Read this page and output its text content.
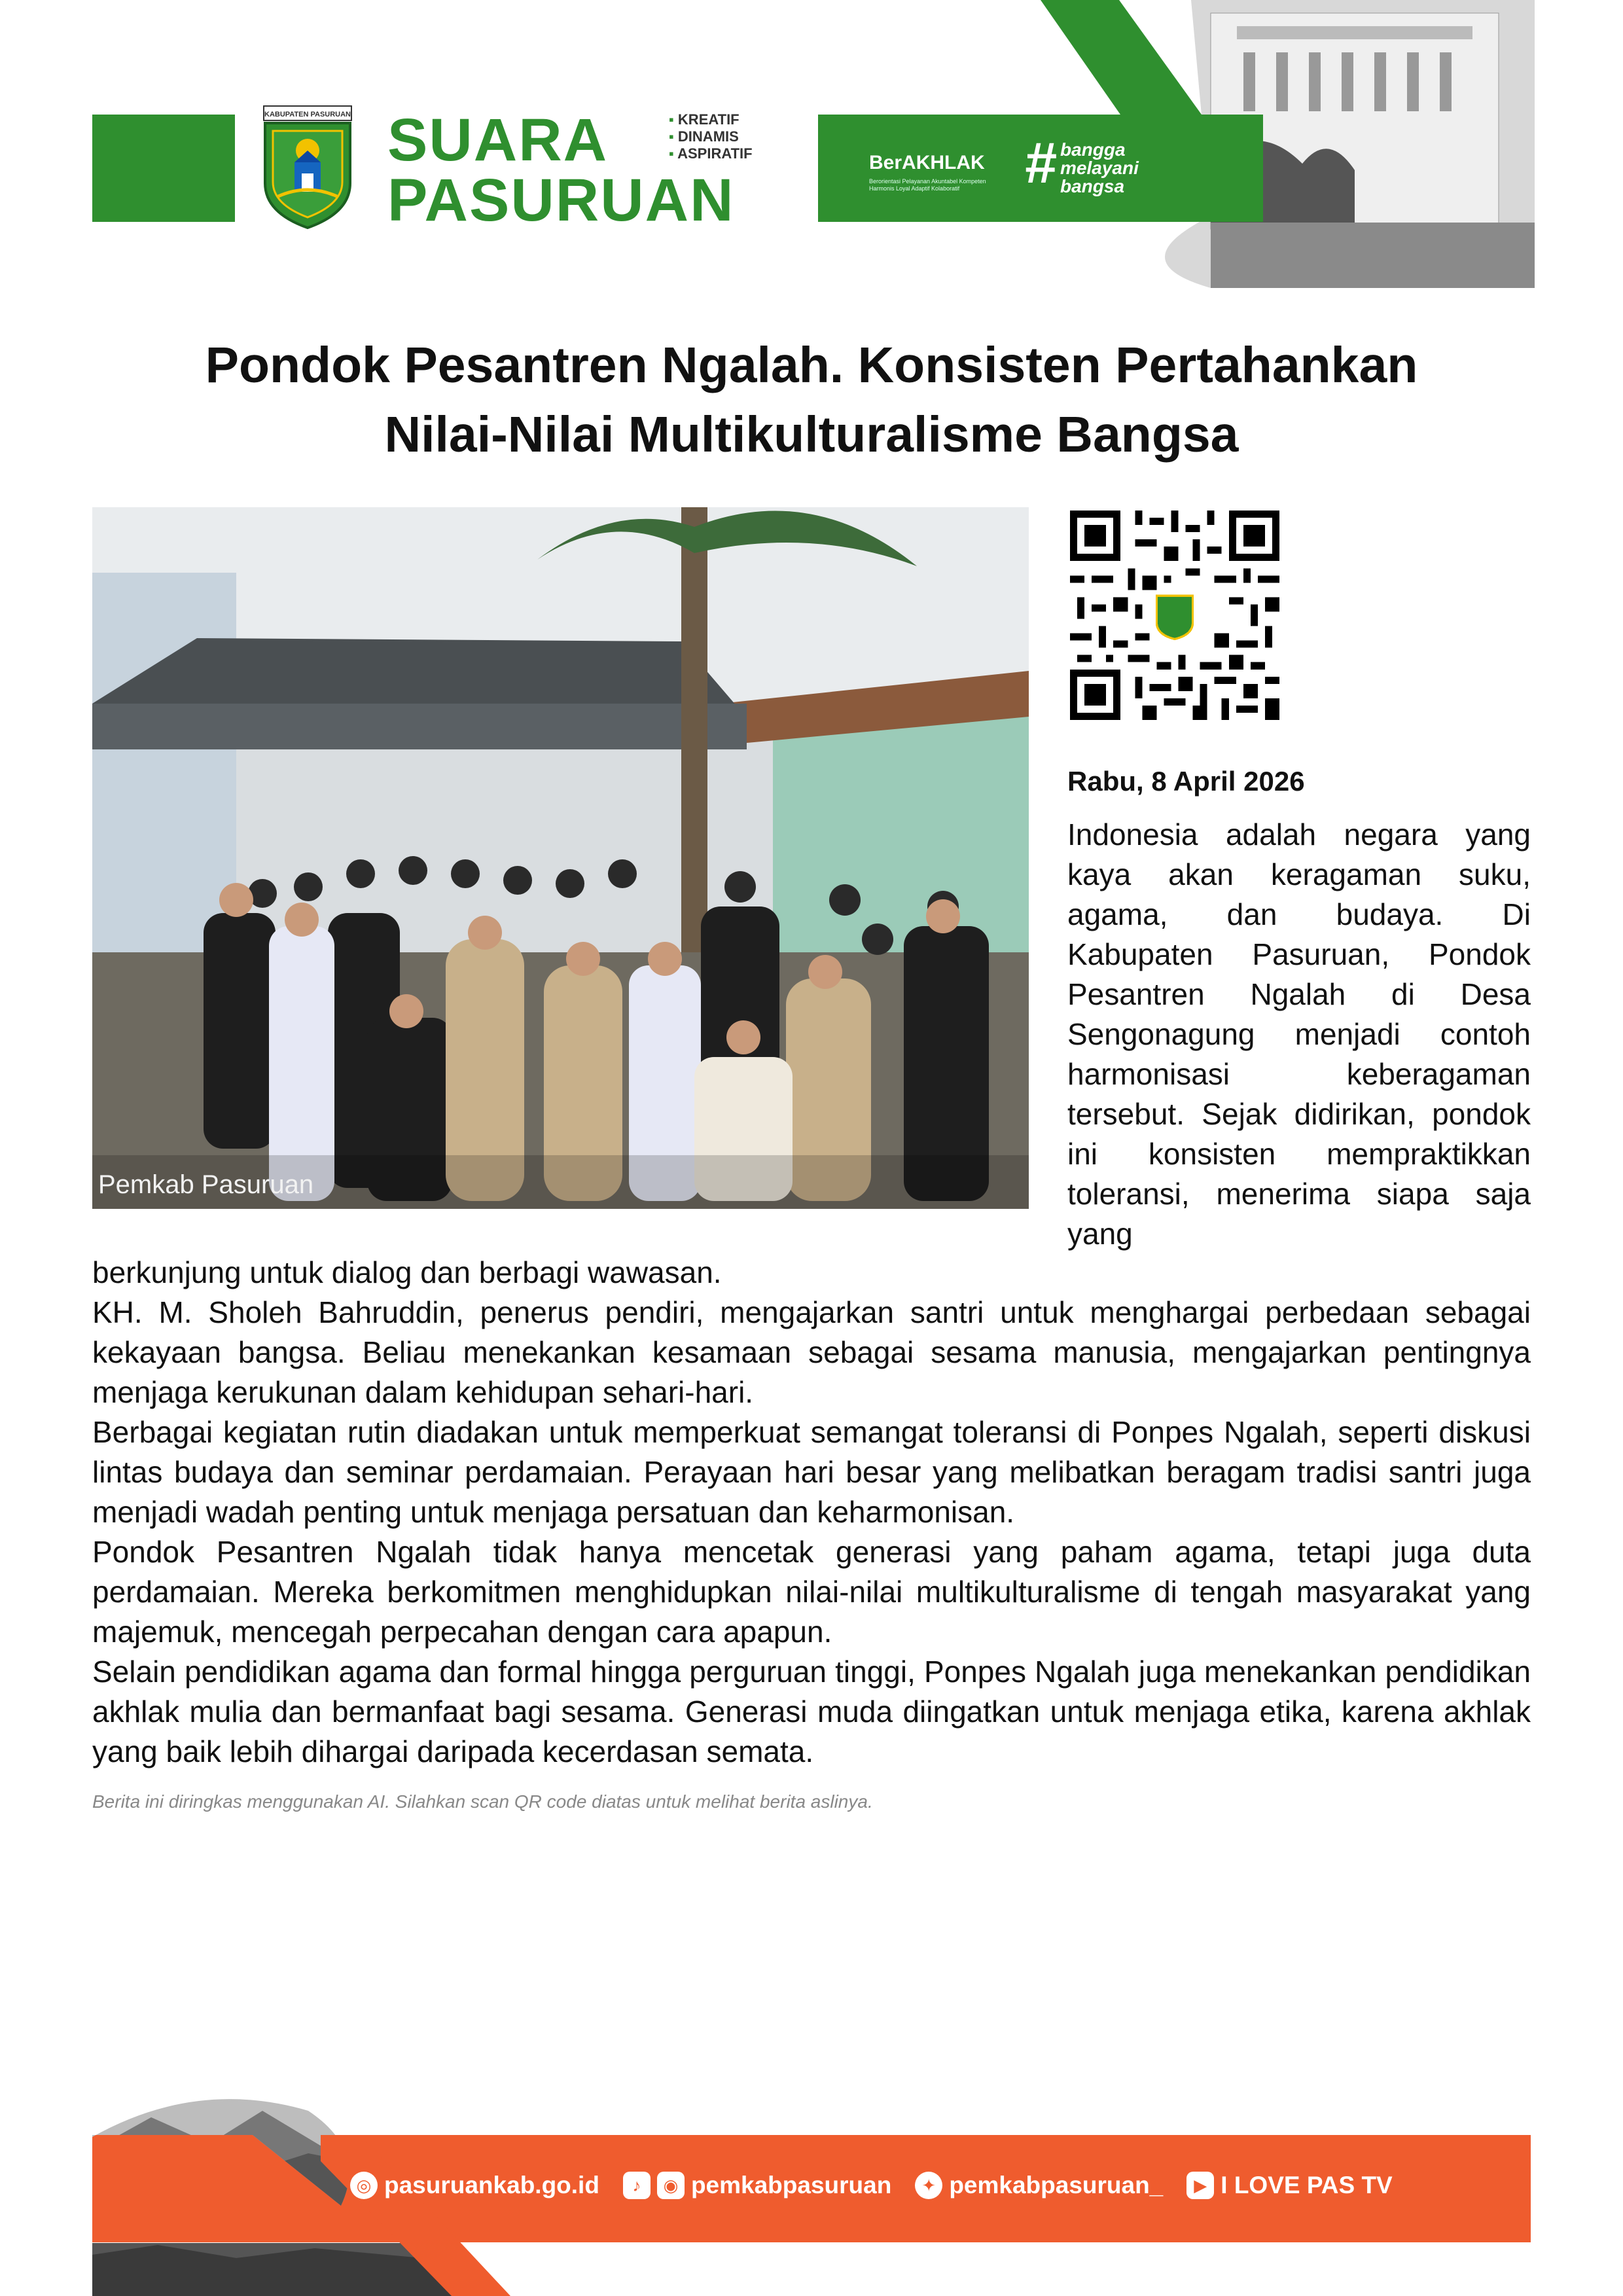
KABUPATEN PASURUAN SUARA
PASURUAN
▪ KREATIF
▪ DINAMIS
▪ ASPIRATIF	BerAKHLAK
Berorientasi Pelayanan Akuntabel Kompeten Harmonis Loyal Adaptif Kolaboratif	# bangga
melayani
bangsa
Pondok Pesantren Ngalah. Konsisten Pertahankan
Nilai-Nilai Multikulturalisme Bangsa
Pemkab Pasuruan
Rabu, 8 April 2026
Indonesia adalah negara yang kaya akan keragaman suku, agama, dan budaya. Di Kabupaten Pasuruan, Pondok Pesantren Ngalah di Desa Sengonagung menjadi contoh harmonisasi keberagaman tersebut. Sejak didirikan, pondok ini konsisten mempraktikkan toleransi, menerima siapa saja yang

berkunjung untuk dialog dan berbagi wawasan.

KH. M. Sholeh Bahruddin, penerus pendiri, mengajarkan santri untuk menghargai perbedaan sebagai kekayaan bangsa. Beliau menekankan kesamaan sebagai sesama manusia, mengajarkan pentingnya menjaga kerukunan dalam kehidupan sehari-hari.

Berbagai kegiatan rutin diadakan untuk memperkuat semangat toleransi di Ponpes Ngalah, seperti diskusi lintas budaya dan seminar perdamaian. Perayaan hari besar yang melibatkan beragam tradisi santri juga menjadi wadah penting untuk menjaga persatuan dan keharmonisan.

Pondok Pesantren Ngalah tidak hanya mencetak generasi yang paham agama, tetapi juga duta perdamaian. Mereka berkomitmen menghidupkan nilai-nilai multikulturalisme di tengah masyarakat yang majemuk, mencegah perpecahan dengan cara apapun.

Selain pendidikan agama dan formal hingga perguruan tinggi, Ponpes Ngalah juga menekankan pendidikan akhlak mulia dan bermanfaat bagi sesama. Generasi muda diingatkan untuk menjaga etika, karena akhlak yang baik lebih dihargai daripada kecerdasan semata.

Berita ini diringkas menggunakan AI. Silahkan scan QR code diatas untuk melihat berita aslinya.
◎ pasuruankab.go.id	♪	◉ pemkabpasuruan	✦ pemkabpasuruan_	▶ I LOVE PAS TV
